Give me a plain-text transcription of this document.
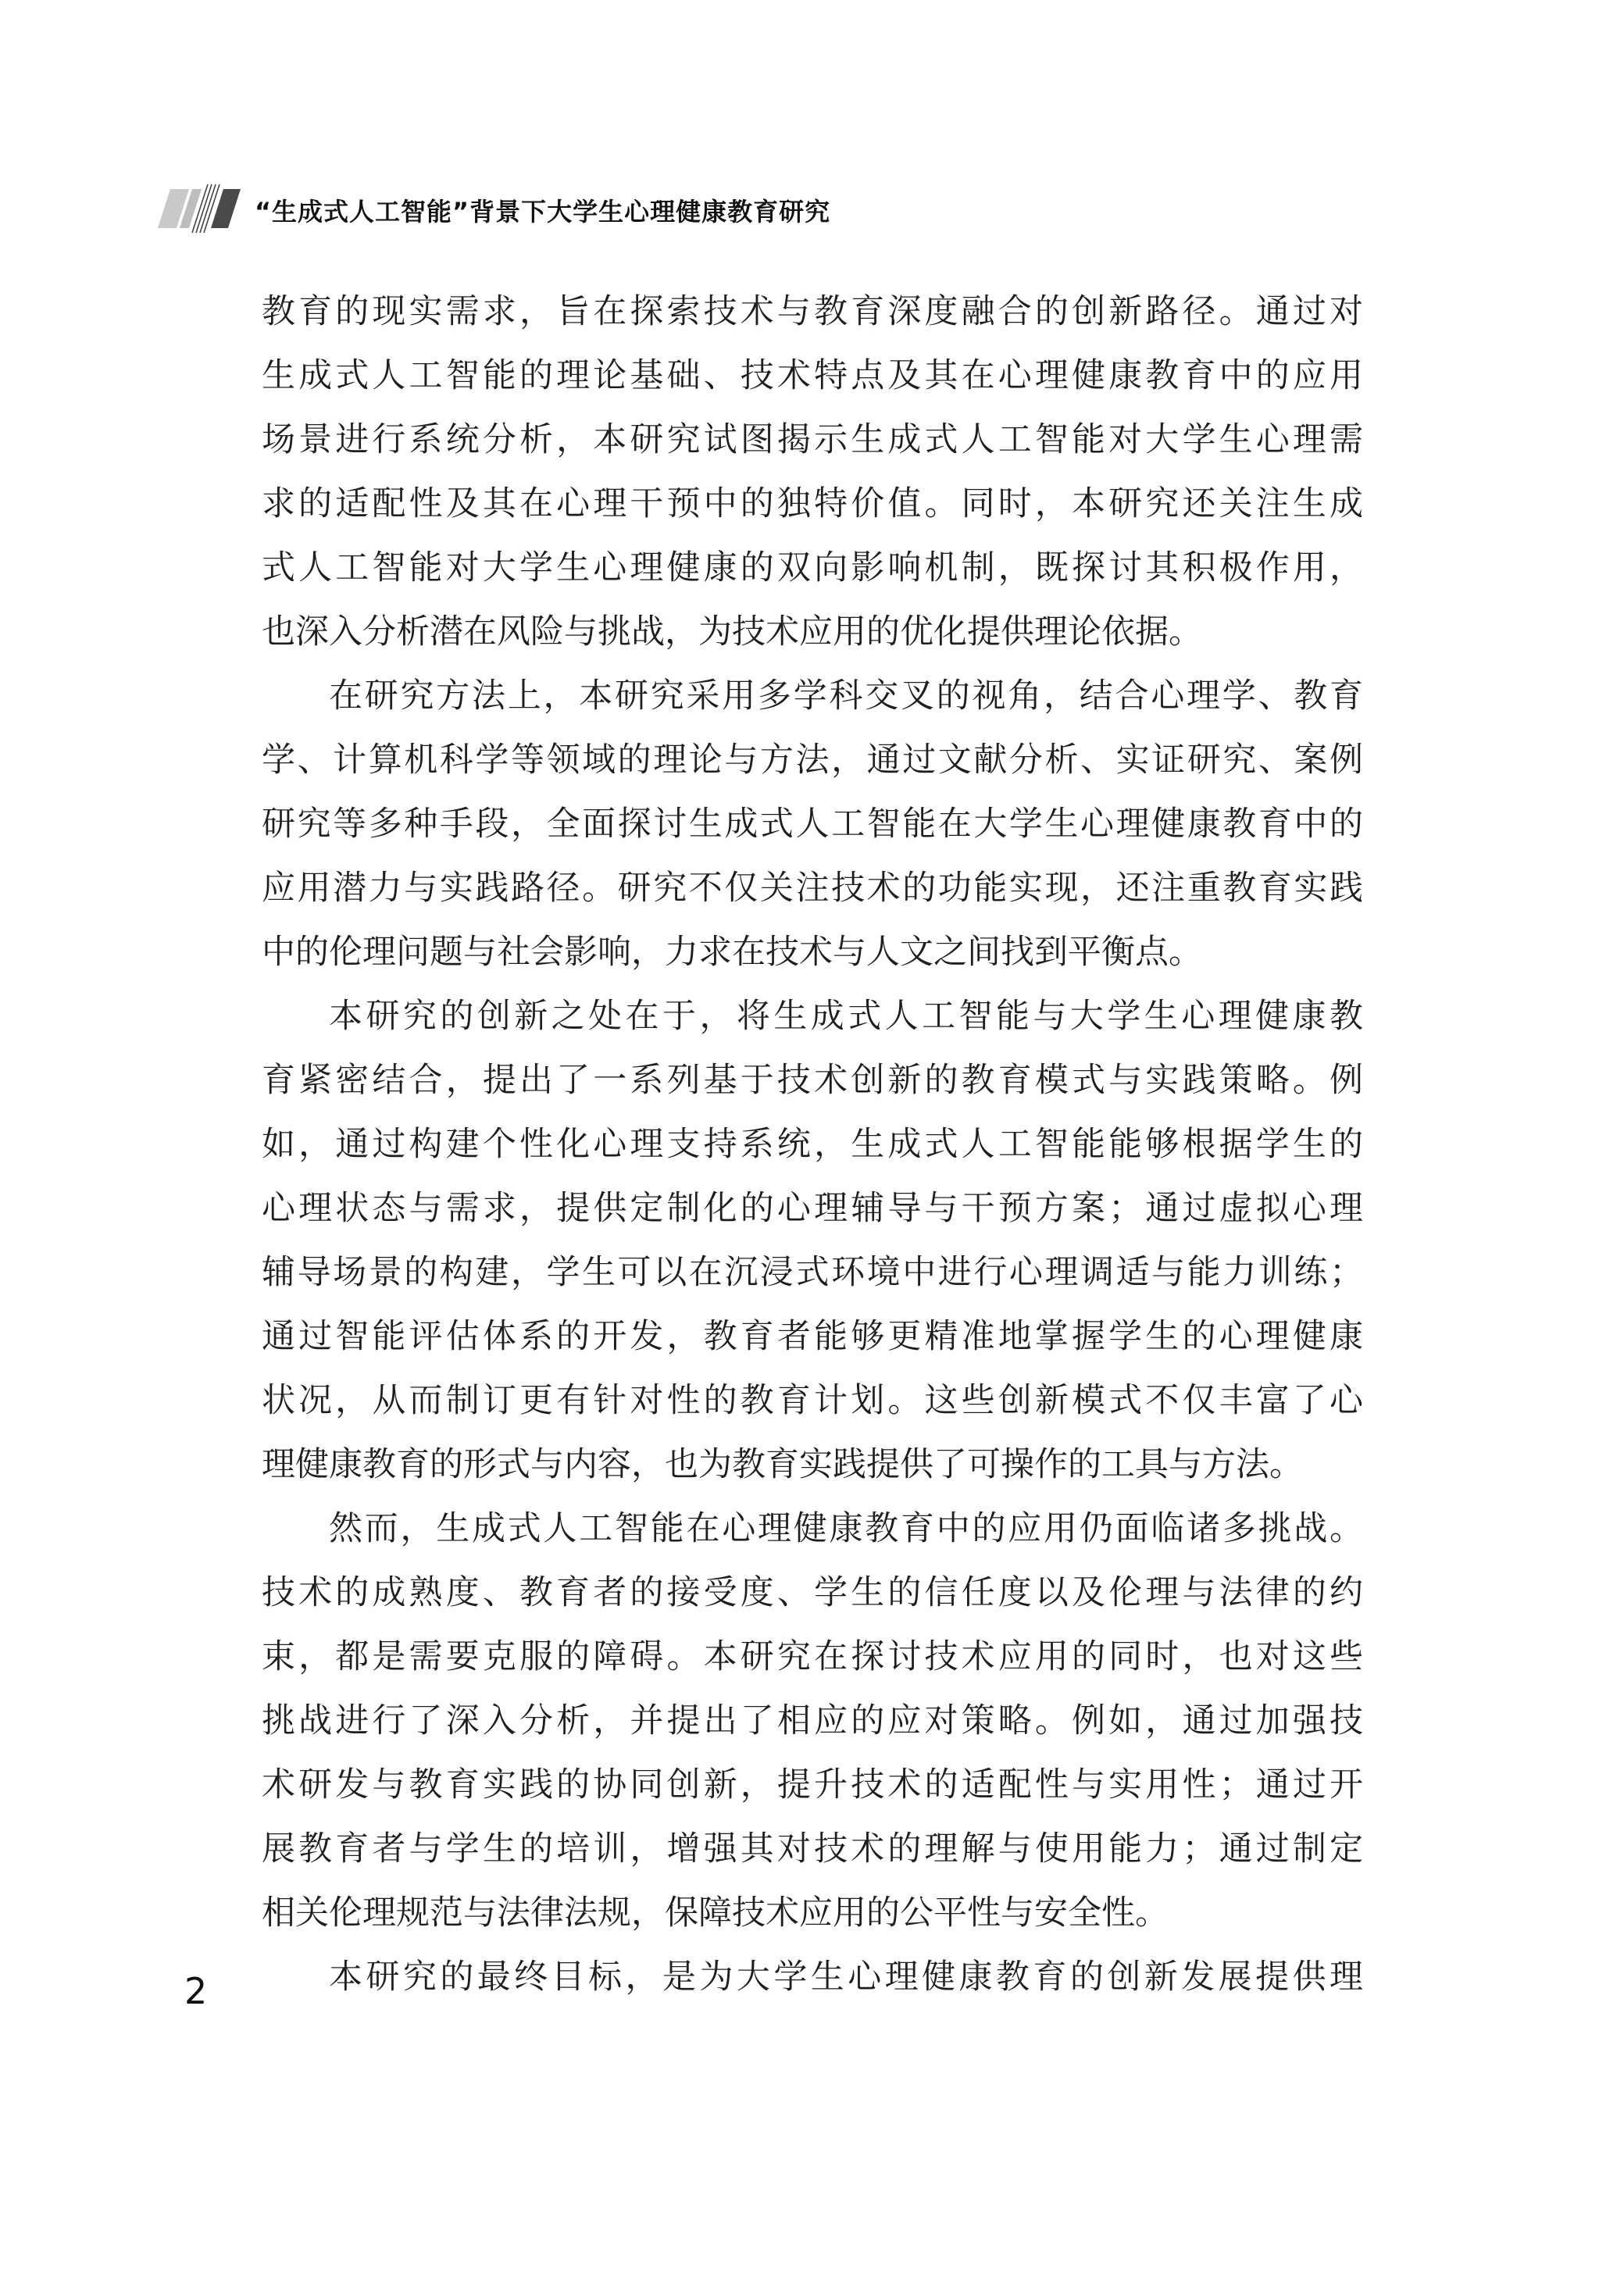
“生成式人工智能”背景下大学生心理健康教育研究
教育的现实需求，旨在探索技术与教育深度融合的创新路径。通过对
生成式人工智能的理论基础、技术特点及其在心理健康教育中的应用
场景进行系统分析，本研究试图揭示生成式人工智能对大学生心理需
求的适配性及其在心理干预中的独特价值。同时，本研究还关注生成
式人工智能对大学生心理健康的双向影响机制，既探讨其积极作用，
也深入分析潜在风险与挑战，为技术应用的优化提供理论依据。
在研究方法上，本研究采用多学科交叉的视角，结合心理学、教育
学、计算机科学等领域的理论与方法，通过文献分析、实证研究、案例
研究等多种手段，全面探讨生成式人工智能在大学生心理健康教育中的
应用潜力与实践路径。研究不仅关注技术的功能实现，还注重教育实践
中的伦理问题与社会影响，力求在技术与人文之间找到平衡点。
本研究的创新之处在于，将生成式人工智能与大学生心理健康教
育紧密结合，提出了一系列基于技术创新的教育模式与实践策略。例
如，通过构建个性化心理支持系统，生成式人工智能能够根据学生的
心理状态与需求，提供定制化的心理辅导与干预方案；通过虚拟心理
辅导场景的构建，学生可以在沉浸式环境中进行心理调适与能力训练；
通过智能评估体系的开发，教育者能够更精准地掌握学生的心理健康
状况，从而制订更有针对性的教育计划。这些创新模式不仅丰富了心
理健康教育的形式与内容，也为教育实践提供了可操作的工具与方法。
然而，生成式人工智能在心理健康教育中的应用仍面临诸多挑战。
技术的成熟度、教育者的接受度、学生的信任度以及伦理与法律的约
束，都是需要克服的障碍。本研究在探讨技术应用的同时，也对这些
挑战进行了深入分析，并提出了相应的应对策略。例如，通过加强技
术研发与教育实践的协同创新，提升技术的适配性与实用性；通过开
展教育者与学生的培训，增强其对技术的理解与使用能力；通过制定
相关伦理规范与法律法规，保障技术应用的公平性与安全性。
本研究的最终目标，是为大学生心理健康教育的创新发展提供理
2
